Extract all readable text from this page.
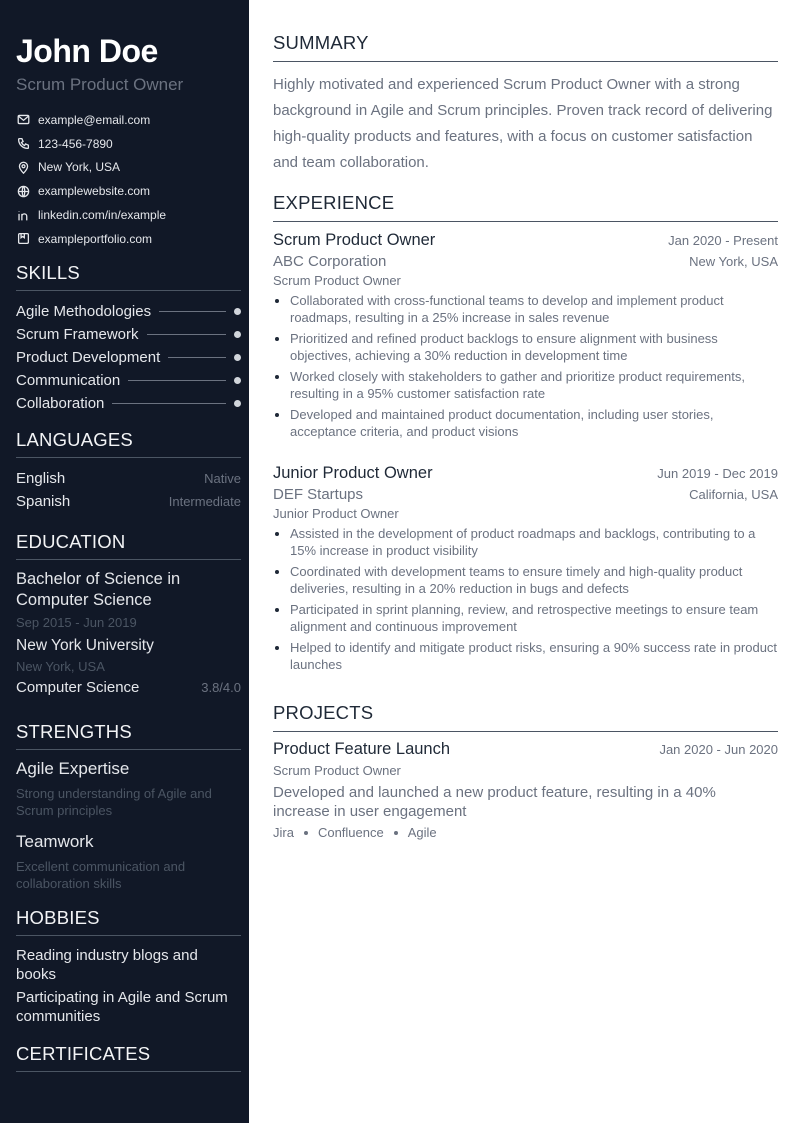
John Doe
Scrum Product Owner
example@email.com
123-456-7890
New York, USA
examplewebsite.com
linkedin.com/in/example
exampleportfolio.com
SKILLS
Agile Methodologies
Scrum Framework
Product Development
Communication
Collaboration
LANGUAGES
English	Native
Spanish	Intermediate
EDUCATION
Bachelor of Science in Computer Science
Sep 2015 - Jun 2019
New York University
New York, USA
Computer Science	3.8/4.0
STRENGTHS
Agile Expertise
Strong understanding of Agile and Scrum principles
Teamwork
Excellent communication and collaboration skills
HOBBIES
Reading industry blogs and books
Participating in Agile and Scrum communities
CERTIFICATES
SUMMARY
Highly motivated and experienced Scrum Product Owner with a strong background in Agile and Scrum principles. Proven track record of delivering high-quality products and features, with a focus on customer satisfaction and team collaboration.
EXPERIENCE
Scrum Product Owner	Jan 2020 - Present
ABC Corporation	New York, USA
Scrum Product Owner
Collaborated with cross-functional teams to develop and implement product roadmaps, resulting in a 25% increase in sales revenue
Prioritized and refined product backlogs to ensure alignment with business objectives, achieving a 30% reduction in development time
Worked closely with stakeholders to gather and prioritize product requirements, resulting in a 95% customer satisfaction rate
Developed and maintained product documentation, including user stories, acceptance criteria, and product visions
Junior Product Owner	Jun 2019 - Dec 2019
DEF Startups	California, USA
Junior Product Owner
Assisted in the development of product roadmaps and backlogs, contributing to a 15% increase in product visibility
Coordinated with development teams to ensure timely and high-quality product deliveries, resulting in a 20% reduction in bugs and defects
Participated in sprint planning, review, and retrospective meetings to ensure team alignment and continuous improvement
Helped to identify and mitigate product risks, ensuring a 90% success rate in product launches
PROJECTS
Product Feature Launch	Jan 2020 - Jun 2020
Scrum Product Owner
Developed and launched a new product feature, resulting in a 40% increase in user engagement
Jira Confluence Agile
